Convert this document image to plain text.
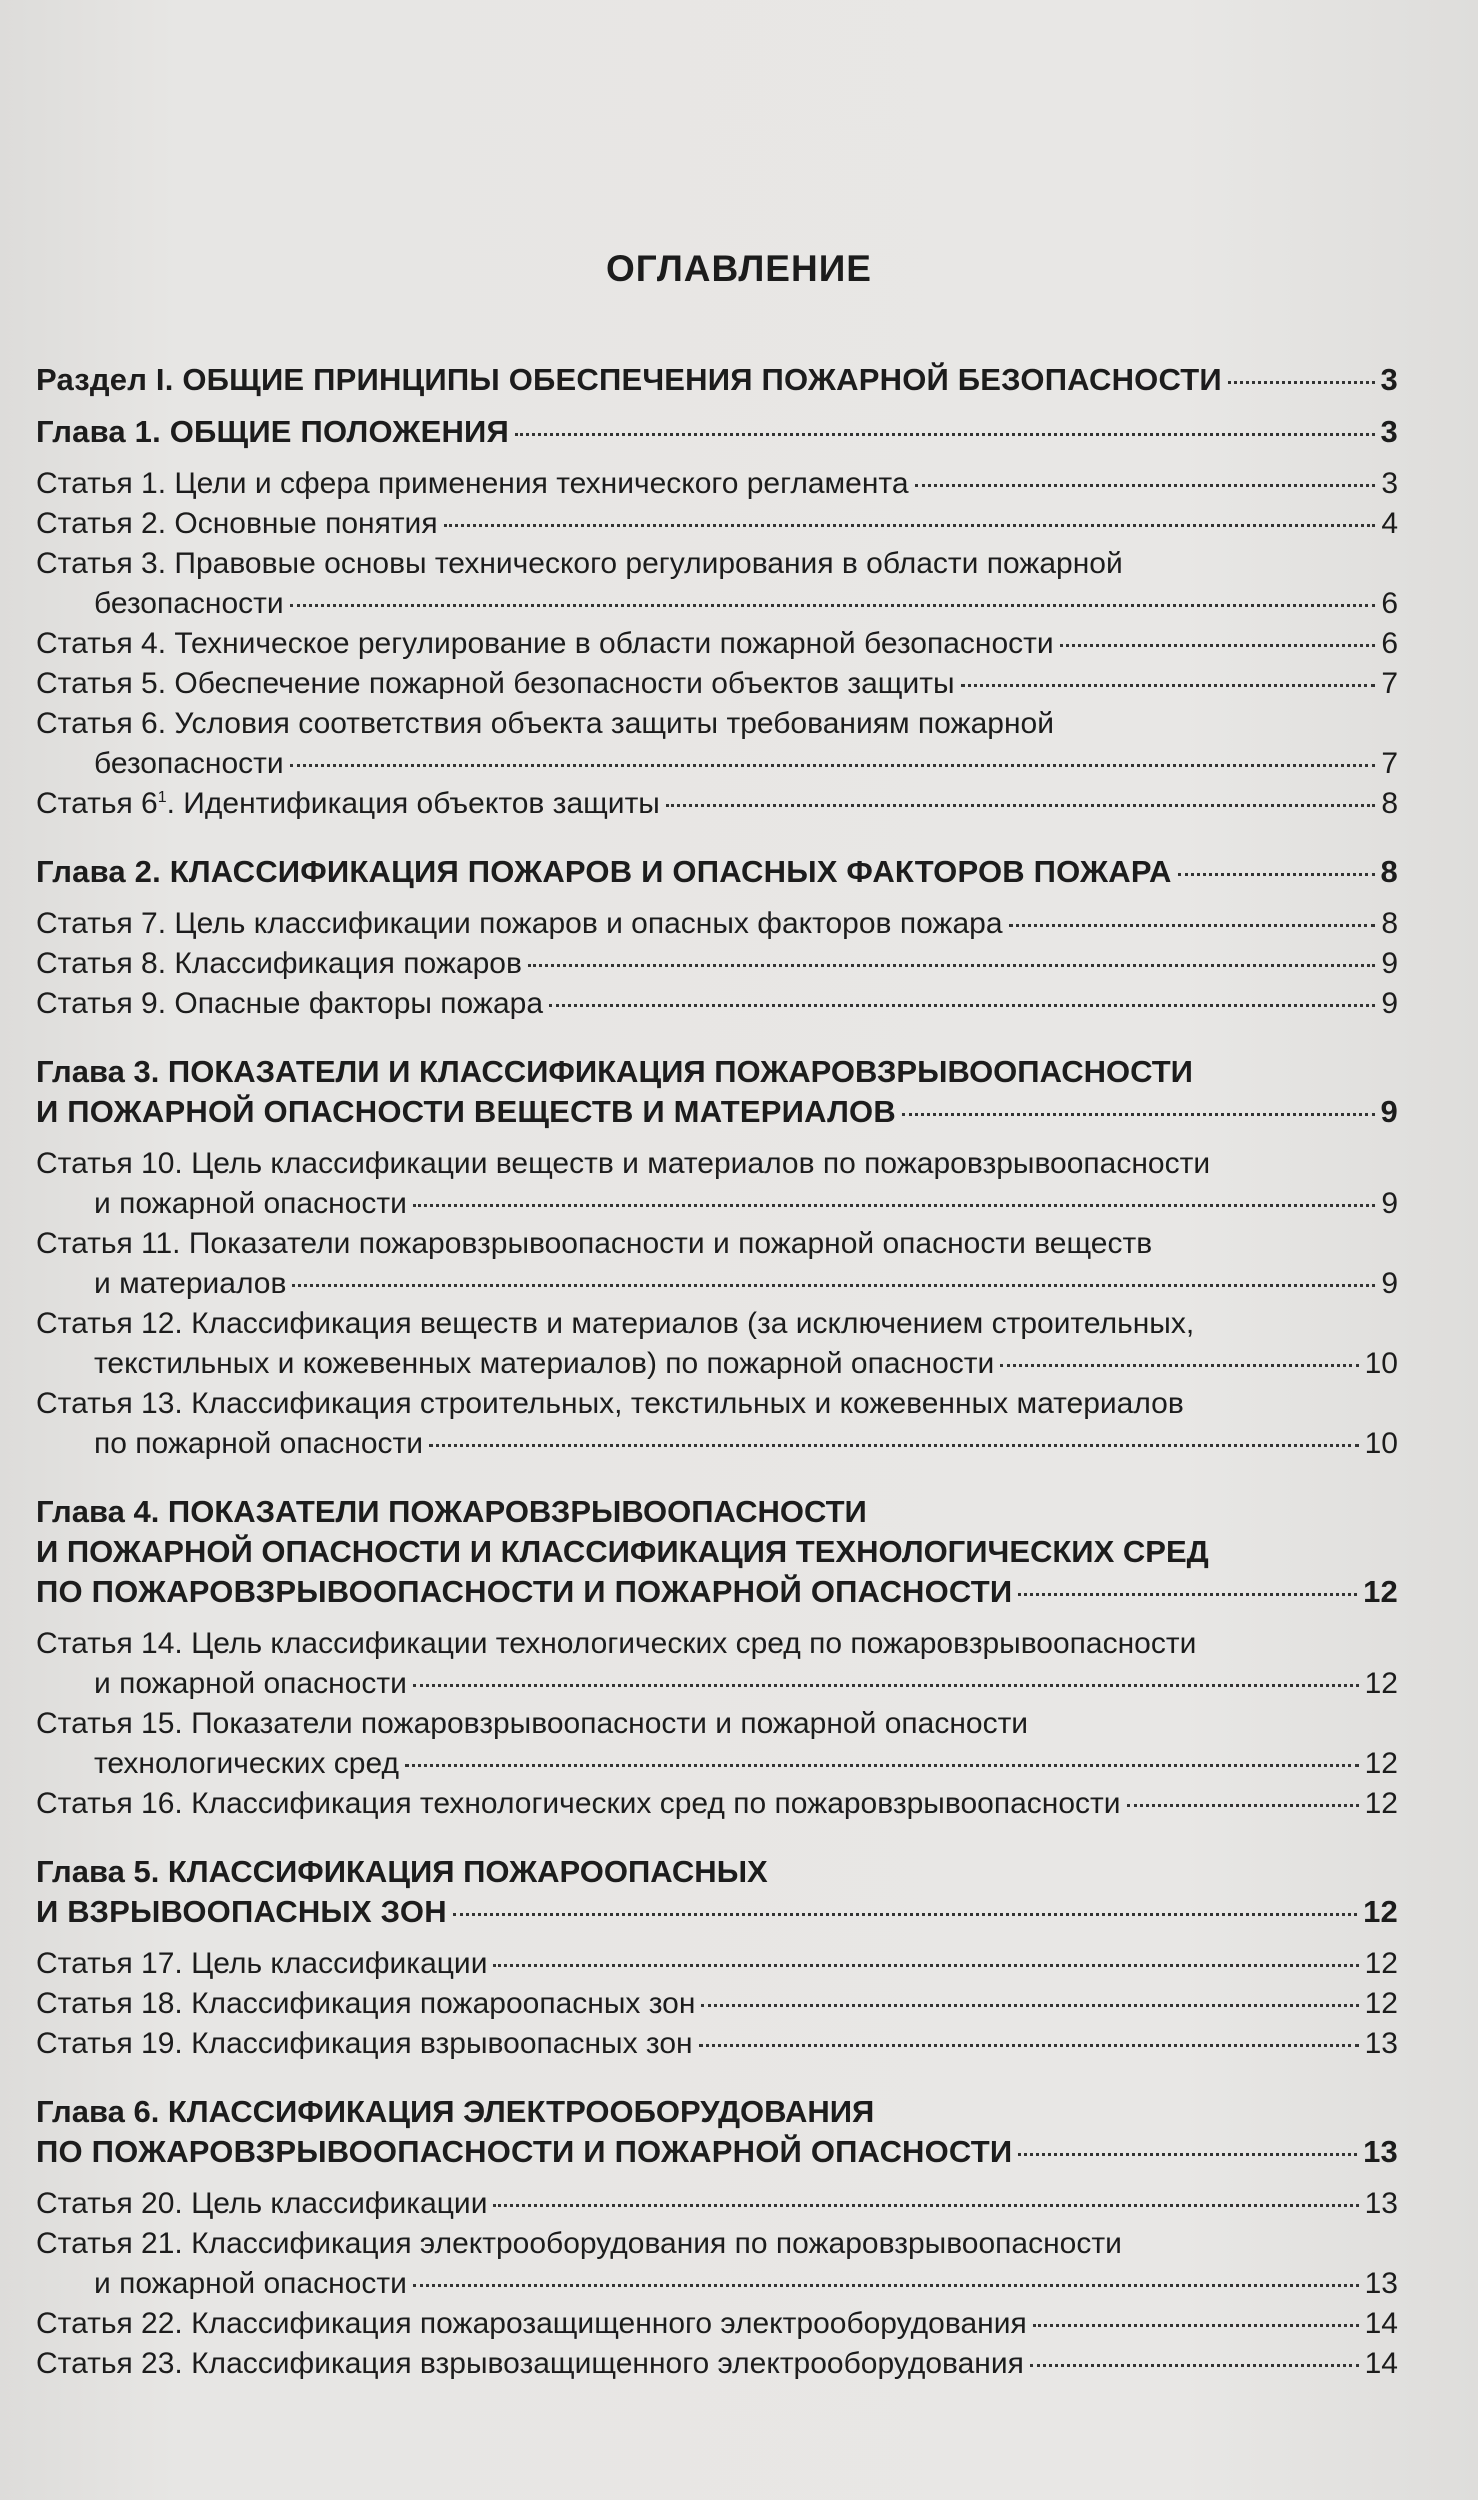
ОГЛАВЛЕНИЕ
Раздел I. ОБЩИЕ ПРИНЦИПЫ ОБЕСПЕЧЕНИЯ ПОЖАРНОЙ БЕЗОПАСНОСТИ	3
Глава 1. ОБЩИЕ ПОЛОЖЕНИЯ	3
Статья 1. Цели и сфера применения технического регламента	3
Статья 2. Основные понятия	4
Статья 3. Правовые основы технического регулирования в области пожарной
безопасности	6
Статья 4. Техническое регулирование в области пожарной безопасности	6
Статья 5. Обеспечение пожарной безопасности объектов защиты	7
Статья 6. Условия соответствия объекта защиты требованиям пожарной
безопасности	7
Статья $6^1$. Идентификация объектов защиты	8
Глава 2. КЛАССИФИКАЦИЯ ПОЖАРОВ И ОПАСНЫХ ФАКТОРОВ ПОЖАРА	8
Статья 7. Цель классификации пожаров и опасных факторов пожара	8
Статья 8. Классификация пожаров	9
Статья 9. Опасные факторы пожара	9
Глава 3. ПОКАЗАТЕЛИ И КЛАССИФИКАЦИЯ ПОЖАРОВЗРЫВООПАСНОСТИ
И ПОЖАРНОЙ ОПАСНОСТИ ВЕЩЕСТВ И МАТЕРИАЛОВ	9
Статья 10. Цель классификации веществ и материалов по пожаровзрывоопасности
и пожарной опасности	9
Статья 11. Показатели пожаровзрывоопасности и пожарной опасности веществ
и материалов	9
Статья 12. Классификация веществ и материалов (за исключением строительных,
текстильных и кожевенных материалов) по пожарной опасности	10
Статья 13. Классификация строительных, текстильных и кожевенных материалов
по пожарной опасности	10
Глава 4. ПОКАЗАТЕЛИ ПОЖАРОВЗРЫВООПАСНОСТИ
И ПОЖАРНОЙ ОПАСНОСТИ И КЛАССИФИКАЦИЯ ТЕХНОЛОГИЧЕСКИХ СРЕД
ПО ПОЖАРОВЗРЫВООПАСНОСТИ И ПОЖАРНОЙ ОПАСНОСТИ	12
Статья 14. Цель классификации технологических сред по пожаровзрывоопасности
и пожарной опасности	12
Статья 15. Показатели пожаровзрывоопасности и пожарной опасности
технологических сред	12
Статья 16. Классификация технологических сред по пожаровзрывоопасности	12
Глава 5. КЛАССИФИКАЦИЯ ПОЖАРООПАСНЫХ
И ВЗРЫВООПАСНЫХ ЗОН	12
Статья 17. Цель классификации	12
Статья 18. Классификация пожароопасных зон	12
Статья 19. Классификация взрывоопасных зон	13
Глава 6. КЛАССИФИКАЦИЯ ЭЛЕКТРООБОРУДОВАНИЯ
ПО ПОЖАРОВЗРЫВООПАСНОСТИ И ПОЖАРНОЙ ОПАСНОСТИ	13
Статья 20. Цель классификации	13
Статья 21. Классификация электрооборудования по пожаровзрывоопасности
и пожарной опасности	13
Статья 22. Классификация пожарозащищенного электрооборудования	14
Статья 23. Классификация взрывозащищенного электрооборудования	14
